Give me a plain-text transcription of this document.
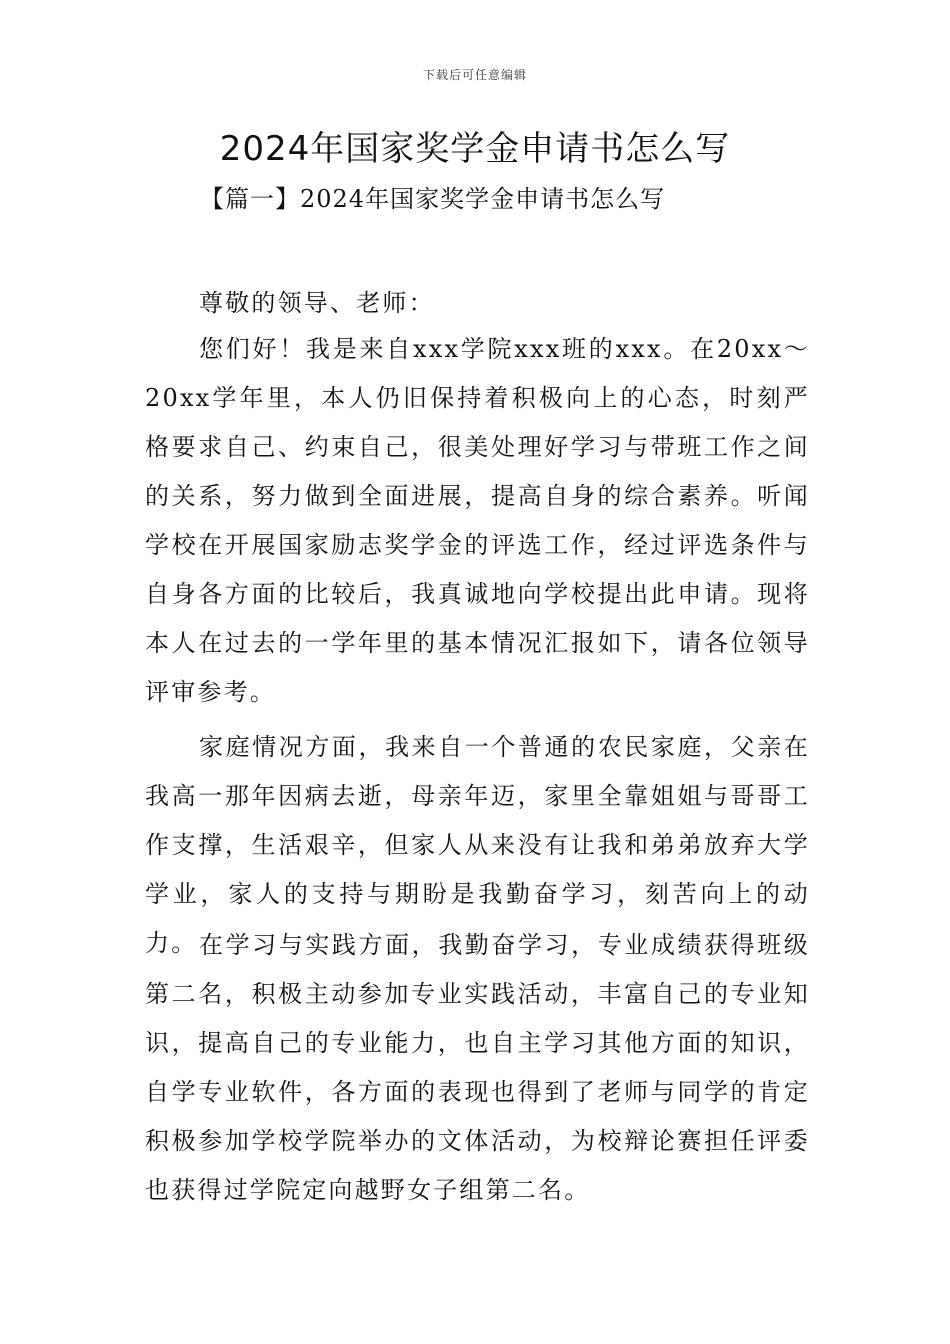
下载后可任意编辑
2024年国家奖学金申请书怎么写
【篇一】2024年国家奖学金申请书怎么写

尊敬的领导、老师：

您们好！我是来自xxx学院xxx班的xxx。在20xx～20xx学年里，本人仍旧保持着积极向上的心态，时刻严格要求自己、约束自己，很美处理好学习与带班工作之间的关系，努力做到全面进展，提高自身的综合素养。听闻学校在开展国家励志奖学金的评选工作，经过评选条件与自身各方面的比较后，我真诚地向学校提出此申请。现将本人在过去的一学年里的基本情况汇报如下，请各位领导评审参考。

家庭情况方面，我来自一个普通的农民家庭，父亲在我高一那年因病去逝，母亲年迈，家里全靠姐姐与哥哥工作支撑，生活艰辛，但家人从来没有让我和弟弟放弃大学学业，家人的支持与期盼是我勤奋学习，刻苦向上的动力。 在学习与实践方面，我勤奋学习，专业成绩获得班级第二名，积极主动参加专业实践活动，丰富自己的专业知识，提高自己的专业能力，也自主学习其他方面的知识，自学专业软件，各方面的表现也得到了老师与同学的肯定积极参加学校学院举办的文体活动，为校辩论赛担任评委也获得过学院定向越野女子组第二名。
